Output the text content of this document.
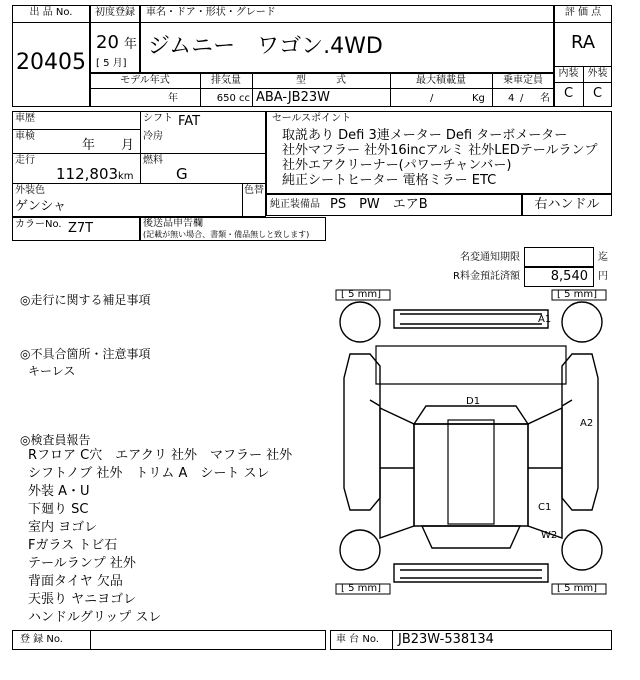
出 品 No.
20405
初度登録
20 年
[ 5 月]
車名・ドア・形状・グレード
ジムニー　ワゴン.4WD
評 価 点
RA
内装 外装
C	C
モデル年式
年
排気量
650 cc
型　　　式
ABA-JB23W
最大積載量
/	Kg
乗車定員
4 / 名
車歴	シフト FAT
車検
年　　月
冷房
走行
112,803 km
燃料
G
外装色
ゲンシャ
色替
カラーNo. Z7T	後送品申告欄
(記載が無い場合、書類・備品無しと致します)
セールスポイント
取説あり Defi 3連メーター Defi ターボメーター
社外マフラー 社外16incアルミ 社外LEDテールランプ
社外エアクリーナー(パワーチャンバー)
純正シートヒーター 電格ミラー ETC
純正装備品 PS　PW　エアB	右ハンドル
名変通知期限	迄
R料金預託済額	8,540 円
◎走行に関する補足事項
◎不具合箇所・注意事項
キーレス
◎検査員報告
Rフロア C穴　エアクリ 社外　マフラー 社外
シフトノブ 社外　トリム A　シート スレ
外装 A・U
下廻り SC
室内 ヨゴレ
Fガラス トビ石
テールランプ 社外
背面タイヤ 欠品
天張り ヤニヨゴレ
ハンドルグリップ スレ
[ 5 mm]	[ 5 mm]
[ 5 mm]	[ 5 mm]
A1
D1
A2
C1
W2
登 録 No.	車 台 No. JB23W-538134
